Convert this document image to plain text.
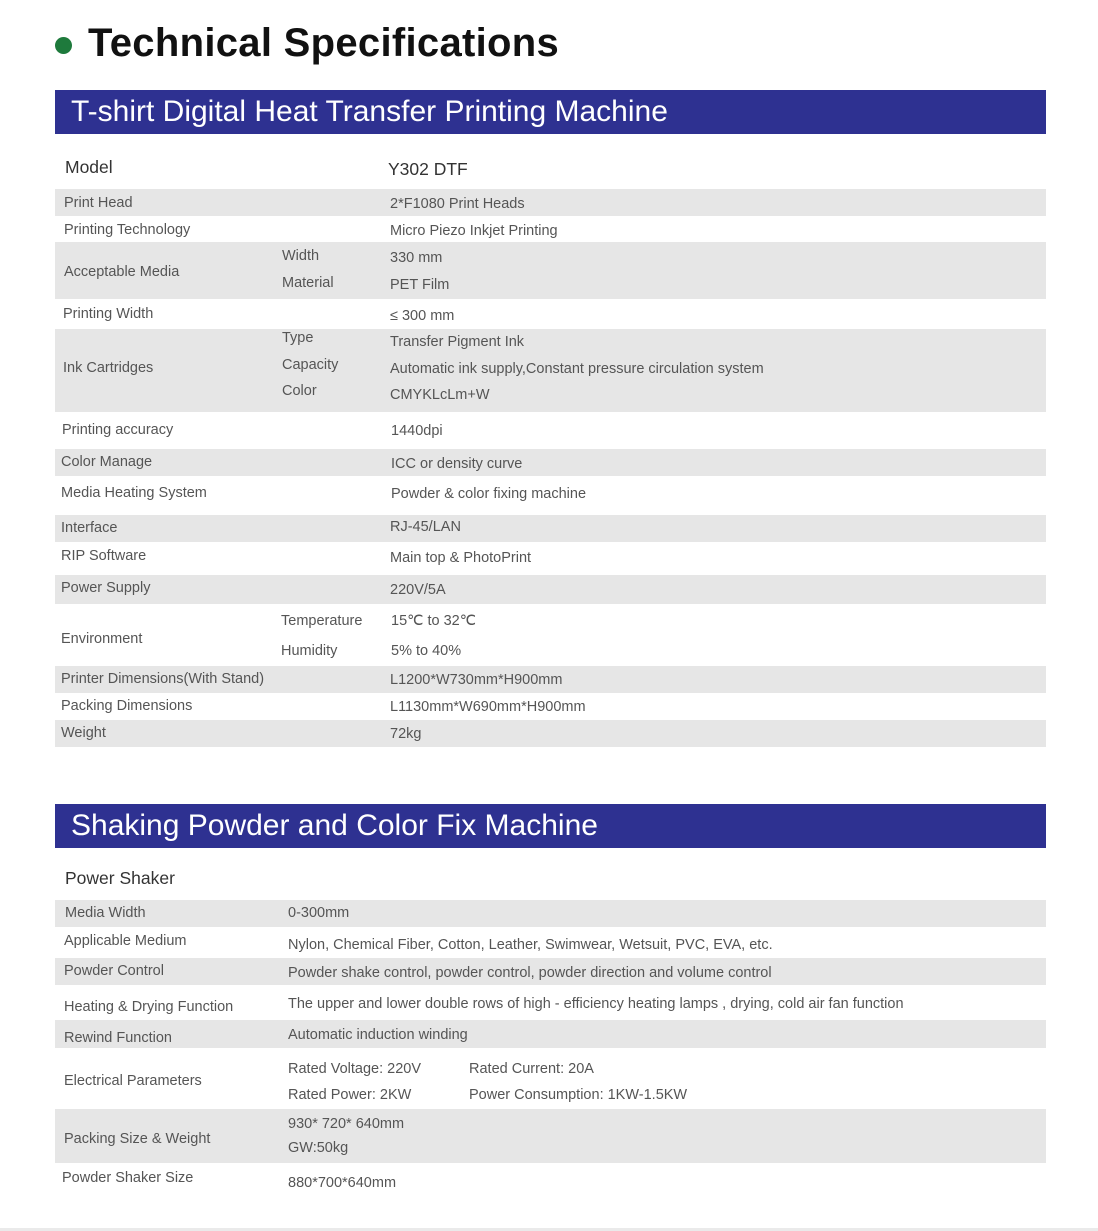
Technical Specifications
T-shirt Digital Heat Transfer Printing Machine
Model	Y302 DTF
Print Head	2*F1080 Print Heads
Printing Technology	Micro Piezo Inkjet Printing
Acceptable Media
Width	330 mm
Material	PET Film
Printing Width	≤ 300 mm
Ink Cartridges
Type	Transfer Pigment Ink
Capacity	Automatic ink supply,Constant pressure circulation system
Color	CMYKLcLm+W
Printing accuracy	1440dpi
Color Manage	ICC or density curve
Media Heating System	Powder & color fixing machine
Interface	RJ-45/LAN
RIP Software	Main top & PhotoPrint
Power Supply	220V/5A
Environment
Temperature 15℃ to 32℃
Humidity	5% to 40%
Printer Dimensions(With Stand)	L1200*W730mm*H900mm
Packing Dimensions	L1130mm*W690mm*H900mm
Weight	72kg
Shaking Powder and Color Fix Machine
Power Shaker
Media Width	0-300mm
Applicable Medium	Nylon, Chemical Fiber, Cotton, Leather, Swimwear, Wetsuit, PVC, EVA, etc.
Powder Control	Powder shake control, powder control, powder direction and volume control
Heating & Drying Function	The upper and lower double rows of high - efficiency heating lamps , drying, cold air fan function
Rewind Function	Automatic induction winding
Electrical Parameters
Rated Voltage: 220V	Rated Current: 20A
Rated Power: 2KW	Power Consumption: 1KW-1.5KW
Packing Size & Weight
930* 720* 640mm
GW:50kg
Powder Shaker Size	880*700*640mm
